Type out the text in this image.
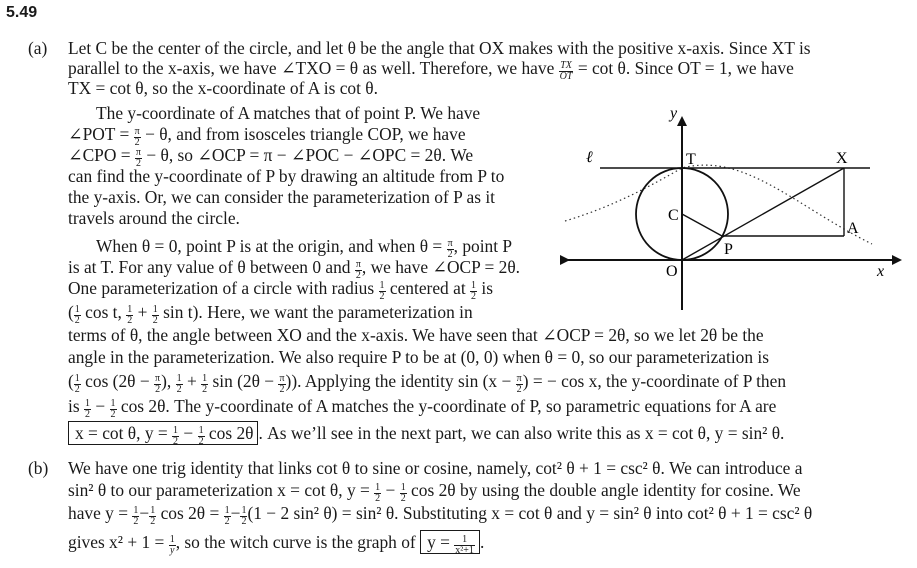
5.49
(a) Let C be the center of the circle, and let θ be the angle that OX makes with the positive x-axis. Since XT is
parallel to the x-axis, we have ∠TXO = θ as well. Therefore, we have $\frac{TX}{OT} = \cot \theta$. Since OT = 1, we have
TX = cot θ, so the x-coordinate of A is cot θ.
The y-coordinate of A matches that of point P. We have
∠POT = $\frac{\pi}{2} - \theta$, and from isosceles triangle COP, we have
∠CPO = $\frac{\pi}{2} - \theta$, so ∠OCP = π − ∠POC − ∠OPC = 2θ. We
can find the y-coordinate of P by drawing an altitude from P to
the y-axis. Or, we can consider the parameterization of P as it
travels around the circle.
When θ = 0, point P is at the origin, and when $\theta = \frac{\pi}{2}$ , point P
is at T. For any value of θ between 0 and $\frac{\pi}{2}$ , we have ∠OCP = 2θ.
One parameterization of a circle with radius $\frac{1}{2}$ centered at $\frac{1}{2}$ is
( $\frac{1}{2}$ cos t, $\frac{1}{2} + \frac{1}{2}$ sin t). Here, we want the parameterization in
terms of θ, the angle between XO and the x-axis. We have seen that ∠OCP = 2θ, so we let 2θ be the
angle in the parameterization. We also require P to be at (0, 0) when θ = 0, so our parameterization is
( $\frac{1}{2}$ $\cos (2\theta - \frac{\pi}{2}$ ), $\frac{1}{2} + \frac{1}{2}$ $\sin (2\theta - \frac{\pi}{2}$ )). Applying the identity $\sin (x - \frac{\pi}{2}$ ) = − cos x, the y-coordinate of P then
is $\frac{1}{2} - \frac{1}{2}$ cos 2θ. The y-coordinate of A matches the y-coordinate of P, so parametric equations for A are
x = cot θ, $y = \frac{1}{2} - \frac{1}{2}$ cos 2θ . As we’ll see in the next part, we can also write this as x = cot θ, y = sin² θ.
(b) We have one trig identity that links cot θ to sine or cosine, namely, cot² θ + 1 = csc² θ. We can introduce a
sin² θ to our parameterization x = cot θ, $y = \frac{1}{2} - \frac{1}{2}$ cos 2θ by using the double angle identity for cosine. We
have $y = \frac{1}{2} - \frac{1}{2}$ $\cos 2\theta = \frac{1}{2} - \frac{1}{2} (1 - 2$ sin² θ) = sin² θ. Substituting x = cot θ and y = sin² θ into cot² θ + 1 = csc² θ
gives $x^2 + 1 = \frac{1}{y}$ , so the witch curve is the graph of $y = \frac{1}{\text{x²+1}}$ .
y
x
ℓ	T	X
C
A
P
O
